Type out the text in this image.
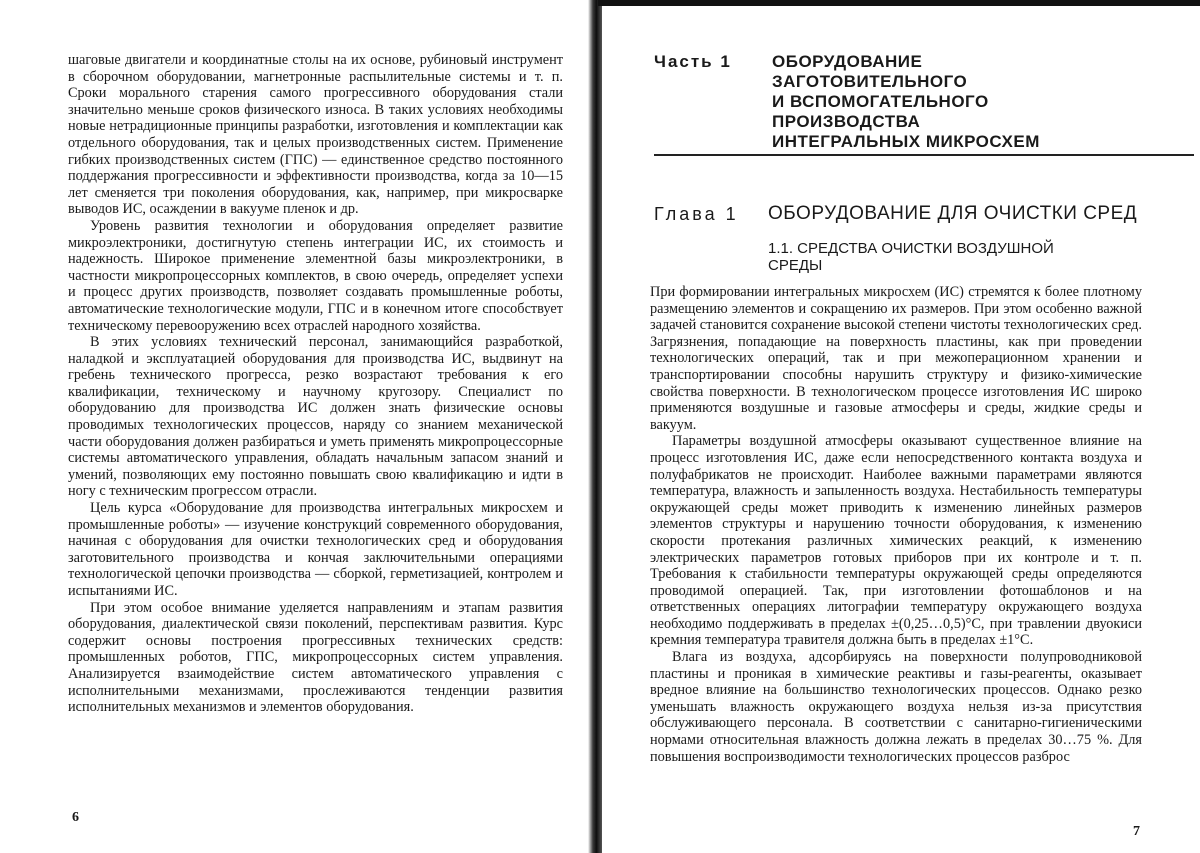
шаговые двигатели и координатные столы на их основе, рубиновый инструмент в сборочном оборудовании, магнетронные распылительные системы и т. п. Сроки морального старения самого прогрессивного оборудования стали значительно меньше сроков физического износа. В таких условиях необходимы новые нетрадиционные принципы разработки, изготовления и комплектации как отдельного оборудования, так и целых производственных систем. Применение гибких производственных систем (ГПС) — единственное средство постоянного поддержания прогрессивности и эффективности производства, когда за 10—15 лет сменяется три поколения оборудования, как, например, при микросварке выводов ИС, осаждении в вакууме пленок и др.

Уровень развития технологии и оборудования определяет развитие микроэлектроники, достигнутую степень интеграции ИС, их стоимость и надежность. Широкое применение элементной базы микроэлектроники, в частности микропроцессорных комплектов, в свою очередь, определяет успехи и процесс других производств, позволяет создавать промышленные роботы, автоматические технологические модули, ГПС и в конечном итоге способствует техническому перевооружению всех отраслей народного хозяйства.

В этих условиях технический персонал, занимающийся разработкой, наладкой и эксплуатацией оборудования для производства ИС, выдвинут на гребень технического прогресса, резко возрастают требования к его квалификации, техническому и научному кругозору. Специалист по оборудованию для производства ИС должен знать физические основы проводимых технологических процессов, наряду со знанием механической части оборудования должен разбираться и уметь применять микропроцессорные системы автоматического управления, обладать начальным запасом знаний и умений, позволяющих ему постоянно повышать свою квалификацию и идти в ногу с техническим прогрессом отрасли.

Цель курса «Оборудование для производства интегральных микросхем и промышленные роботы» — изучение конструкций современного оборудования, начиная с оборудования для очистки технологических сред и оборудования заготовительного производства и кончая заключительными операциями технологической цепочки производства — сборкой, герметизацией, контролем и испытаниями ИС.

При этом особое внимание уделяется направлениям и этапам развития оборудования, диалектической связи поколений, перспективам развития. Курс содержит основы построения прогрессивных технических средств: промышленных роботов, ГПС, микропроцессорных систем управления. Анализируется взаимодействие систем автоматического управления с исполнительными механизмами, прослеживаются тенденции развития исполнительных механизмов и элементов оборудования.

6
Часть 1 ОБОРУДОВАНИЕ
ЗАГОТОВИТЕЛЬНОГО
И ВСПОМОГАТЕЛЬНОГО
ПРОИЗВОДСТВА
ИНТЕГРАЛЬНЫХ МИКРОСХЕМ
Глава 1 ОБОРУДОВАНИЕ ДЛЯ ОЧИСТКИ СРЕД
1.1. СРЕДСТВА ОЧИСТКИ ВОЗДУШНОЙ СРЕДЫ

При формировании интегральных микросхем (ИС) стремятся к более плотному размещению элементов и сокращению их размеров. При этом особенно важной задачей становится сохранение высокой степени чистоты технологических сред. Загрязнения, попадающие на поверхность пластины, как при проведении технологических операций, так и при межоперационном хранении и транспортировании способны нарушить структуру и физико-химические свойства поверхности. В технологическом процессе изготовления ИС широко применяются воздушные и газовые атмосферы и среды, жидкие среды и вакуум.

Параметры воздушной атмосферы оказывают существенное влияние на процесс изготовления ИС, даже если непосредственного контакта воздуха и полуфабрикатов не происходит. Наиболее важными параметрами являются температура, влажность и запыленность воздуха. Нестабильность температуры окружающей среды может приводить к изменению линейных размеров элементов структуры и нарушению точности оборудования, к изменению скорости протекания различных химических реакций, к изменению электрических параметров готовых приборов при их контроле и т. п. Требования к стабильности температуры окружающей среды определяются проводимой операцией. Так, при изготовлении фотошаблонов и на ответственных операциях литографии температуру окружающего воздуха необходимо поддерживать в пределах ±(0,25…0,5)°С, при травлении двуокиси кремния температура травителя должна быть в пределах ±1°С.

Влага из воздуха, адсорбируясь на поверхности полупроводниковой пластины и проникая в химические реактивы и газы-реагенты, оказывает вредное влияние на большинство технологических процессов. Однако резко уменьшать влажность окружающего воздуха нельзя из-за присутствия обслуживающего персонала. В соответствии с санитарно-гигиеническими нормами относительная влажность должна лежать в пределах 30…75 %. Для повышения воспроизводимости технологических процессов разброс

7
